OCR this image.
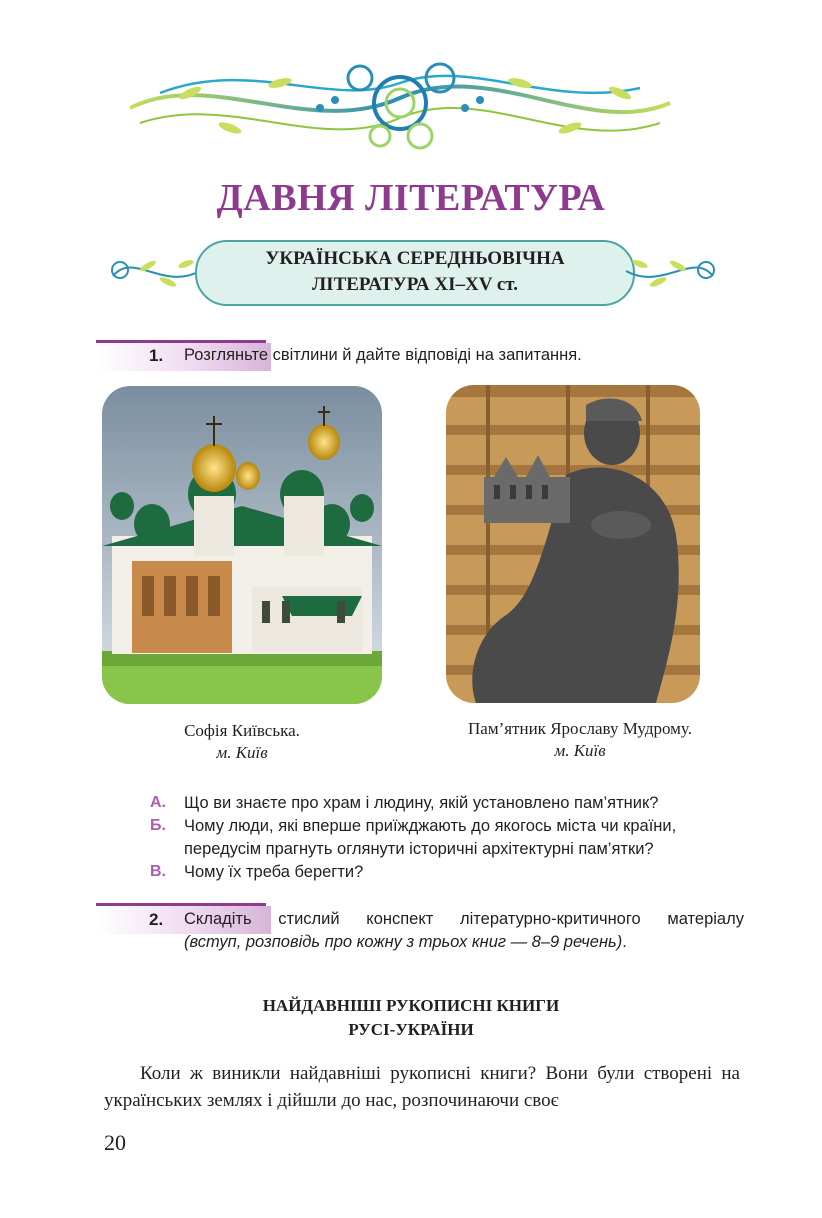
ДАВНЯ ЛІТЕРАТУРА
УКРАЇНСЬКА СЕРЕДНЬОВІЧНА
ЛІТЕРАТУРА XI–XV ст.
1. Розгляньте світлини й дайте відповіді на запитання.
Софія Київська.
м. Київ
Пам’ятник Ярославу Мудрому.
м. Київ
А. Що ви знаєте про храм і людину, якій установлено пам’ятник?
Б. Чому люди, які вперше приїжджають до якогось міста чи країни, передусім прагнуть оглянути історичні архітектурні пам’ятки?
В. Чому їх треба берегти?
2. Складіть стислий конспект літературно-критичного матеріалу
(вступ, розповідь про кожну з трьох книг — 8–9 речень).
НАЙДАВНІШІ РУКОПИСНІ КНИГИ
РУСІ-УКРАЇНИ
Коли ж виникли найдавніші рукописні книги? Вони були створені на українських землях і дійшли до нас, розпочинаючи своє
20
